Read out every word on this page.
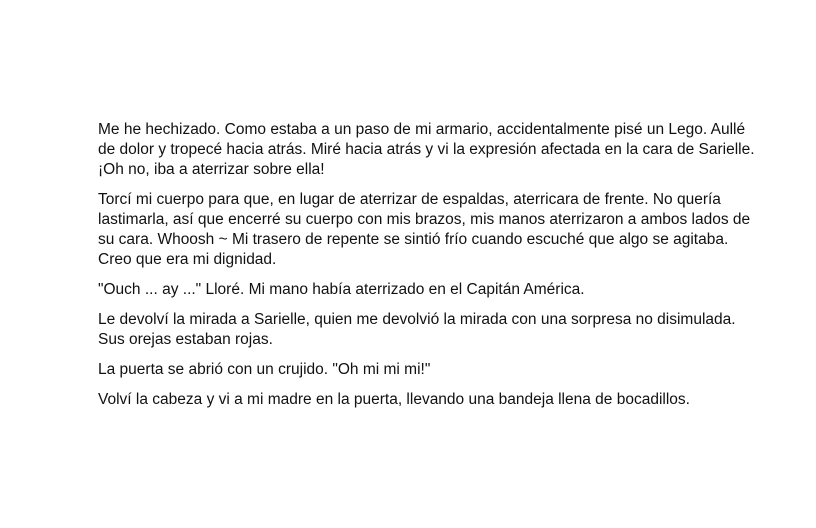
Me he hechizado. Como estaba a un paso de mi armario, accidentalmente pisé un Lego. Aullé de dolor y tropecé hacia atrás. Miré hacia atrás y vi la expresión afectada en la cara de Sarielle. ¡Oh no, iba a aterrizar sobre ella!

Torcí mi cuerpo para que, en lugar de aterrizar de espaldas, aterricara de frente. No quería lastimarla, así que encerré su cuerpo con mis brazos, mis manos aterrizaron a ambos lados de su cara. Whoosh ~ Mi trasero de repente se sintió frío cuando escuché que algo se agitaba. Creo que era mi dignidad.

"Ouch ... ay ..." Lloré. Mi mano había aterrizado en el Capitán América.

Le devolví la mirada a Sarielle, quien me devolvió la mirada con una sorpresa no disimulada. Sus orejas estaban rojas.

La puerta se abrió con un crujido. "Oh mi mi mi!"

Volví la cabeza y vi a mi madre en la puerta, llevando una bandeja llena de bocadillos.
